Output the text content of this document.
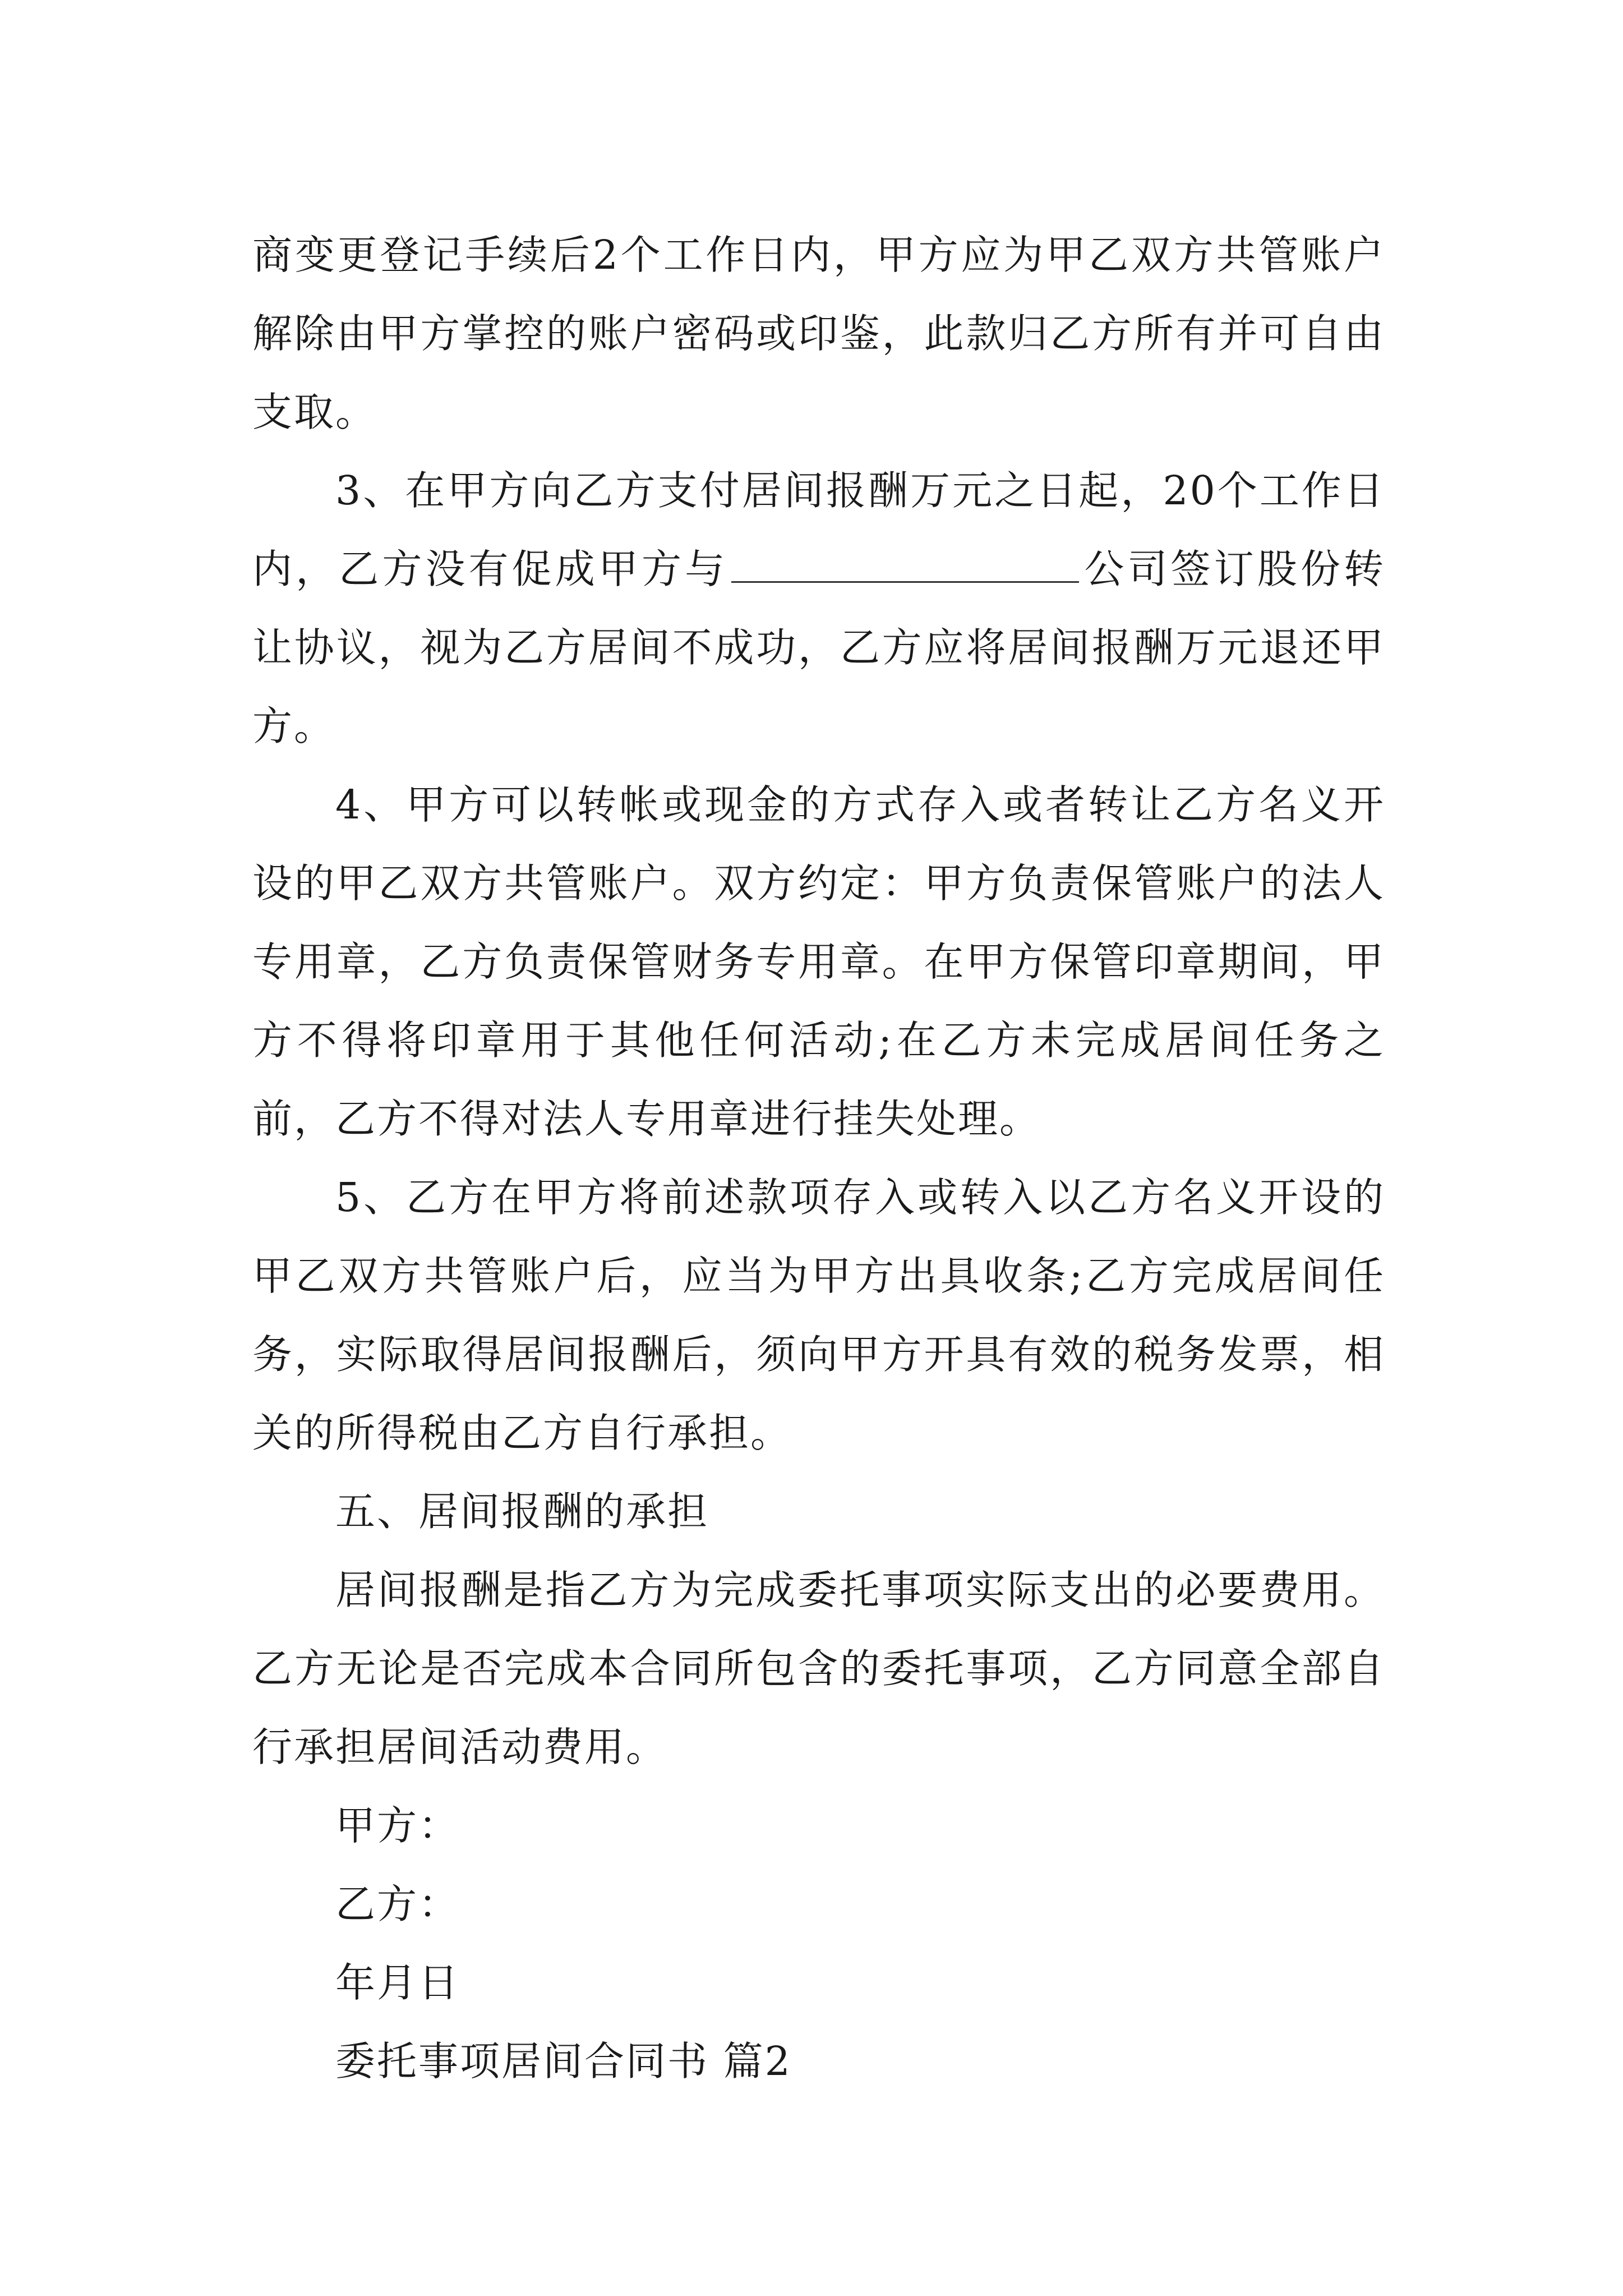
商变更登记手续后2个工作日内，甲方应为甲乙双方共管账户解除由甲方掌控的账户密码或印鉴，此款归乙方所有并可自由支取。

3、在甲方向乙方支付居间报酬万元之日起，20个工作日内，乙方没有促成甲方与	公司签订股份转让协议，视为乙方居间不成功，乙方应将居间报酬万元退还甲方。

4、甲方可以转帐或现金的方式存入或者转让乙方名义开设的甲乙双方共管账户。双方约定：甲方负责保管账户的法人专用章，乙方负责保管财务专用章。在甲方保管印章期间，甲方不得将印章用于其他任何活动;在乙方未完成居间任务之前，乙方不得对法人专用章进行挂失处理。

5、乙方在甲方将前述款项存入或转入以乙方名义开设的甲乙双方共管账户后，应当为甲方出具收条;乙方完成居间任务，实际取得居间报酬后，须向甲方开具有效的税务发票，相关的所得税由乙方自行承担。

五、居间报酬的承担

居间报酬是指乙方为完成委托事项实际支出的必要费用。乙方无论是否完成本合同所包含的委托事项，乙方同意全部自行承担居间活动费用。

甲方：

乙方：

年月日

委托事项居间合同书 篇2
